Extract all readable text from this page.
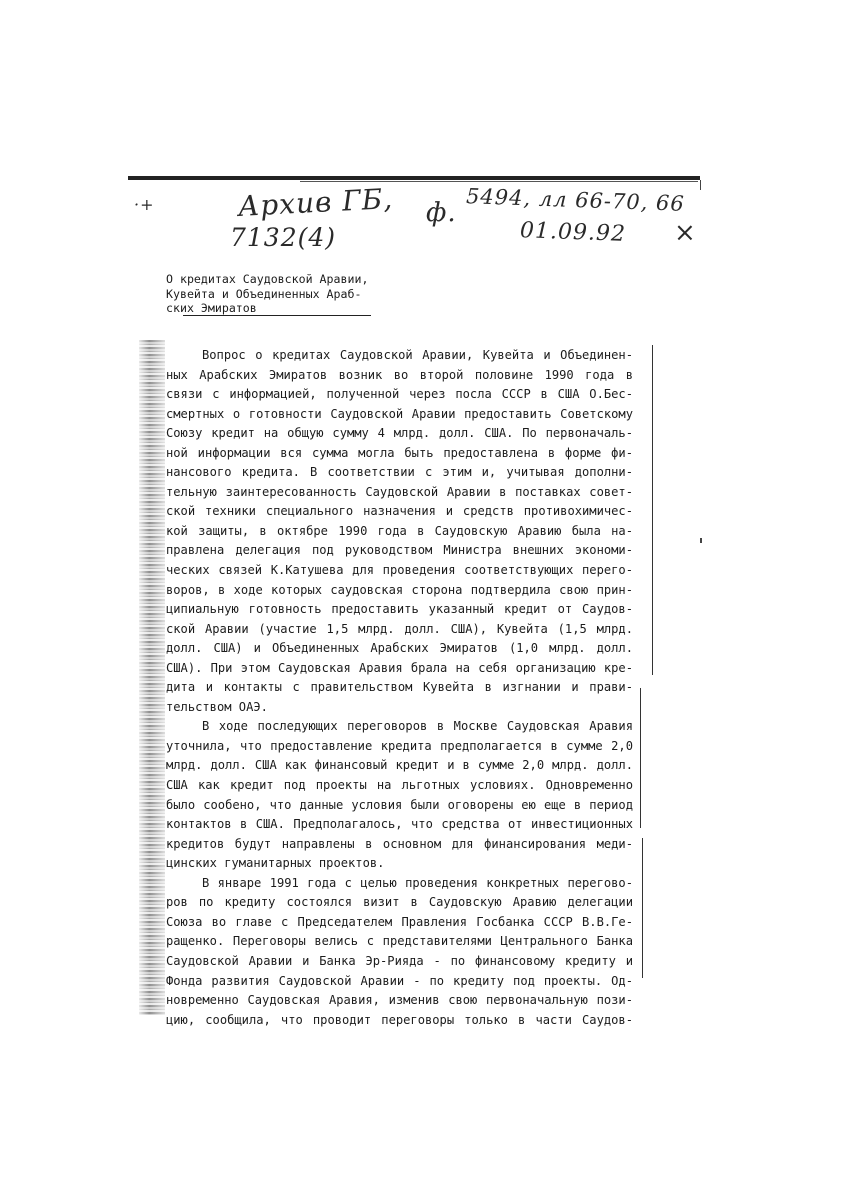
·+	Архив ГБ, ф. 5494, лл 66-70, 66
7132(4)	01.09.92 ×
О кредитах Саудовской Аравии,
Кувейта и Объединенных Араб-
ских Эмиратов
Вопрос о кредитах Саудовской Аравии, Кувейта и Объединен-
ных Арабских Эмиратов возник во второй половине 1990 года в
связи с информацией, полученной через посла СССР в США О.Бес-
смертных о готовности Саудовской Аравии предоставить Советскому
Союзу кредит на общую сумму 4 млрд. долл. США. По первоначаль-
ной информации вся сумма могла быть предоставлена в форме фи-
нансового кредита. В соответствии с этим и, учитывая дополни-
тельную заинтересованность Саудовской Аравии в поставках совет-
ской техники специального назначения и средств противохимичес-
кой защиты, в октябре 1990 года в Саудовскую Аравию была на-
правлена делегация под руководством Министра внешних экономи-
ческих связей К.Катушева для проведения соответствующих перего-
воров, в ходе которых саудовская сторона подтвердила свою прин-
ципиальную готовность предоставить указанный кредит от Саудов-
ской Аравии (участие 1,5 млрд. долл. США), Кувейта (1,5 млрд.
долл. США) и Объединенных Арабских Эмиратов (1,0 млрд. долл.
США). При этом Саудовская Аравия брала на себя организацию кре-
дита и контакты с правительством Кувейта в изгнании и прави-
тельством ОАЭ.
В ходе последующих переговоров в Москве Саудовская Аравия
уточнила, что предоставление кредита предполагается в сумме 2,0
млрд. долл. США как финансовый кредит и в сумме 2,0 млрд. долл.
США как кредит под проекты на льготных условиях. Одновременно
было сообено, что данные условия были оговорены ею еще в период
контактов в США. Предполагалось, что средства от инвестиционных
кредитов будут направлены в основном для финансирования меди-
цинских гуманитарных проектов.
В январе 1991 года с целью проведения конкретных перегово-
ров по кредиту состоялся визит в Саудовскую Аравию делегации
Союза во главе с Председателем Правления Госбанка СССР В.В.Ге-
ращенко. Переговоры велись с представителями Центрального Банка
Саудовской Аравии и Банка Эр-Рияда - по финансовому кредиту и
Фонда развития Саудовской Аравии - по кредиту под проекты. Од-
новременно Саудовская Аравия, изменив свою первоначальную пози-
цию, сообщила, что проводит переговоры только в части Саудов-
